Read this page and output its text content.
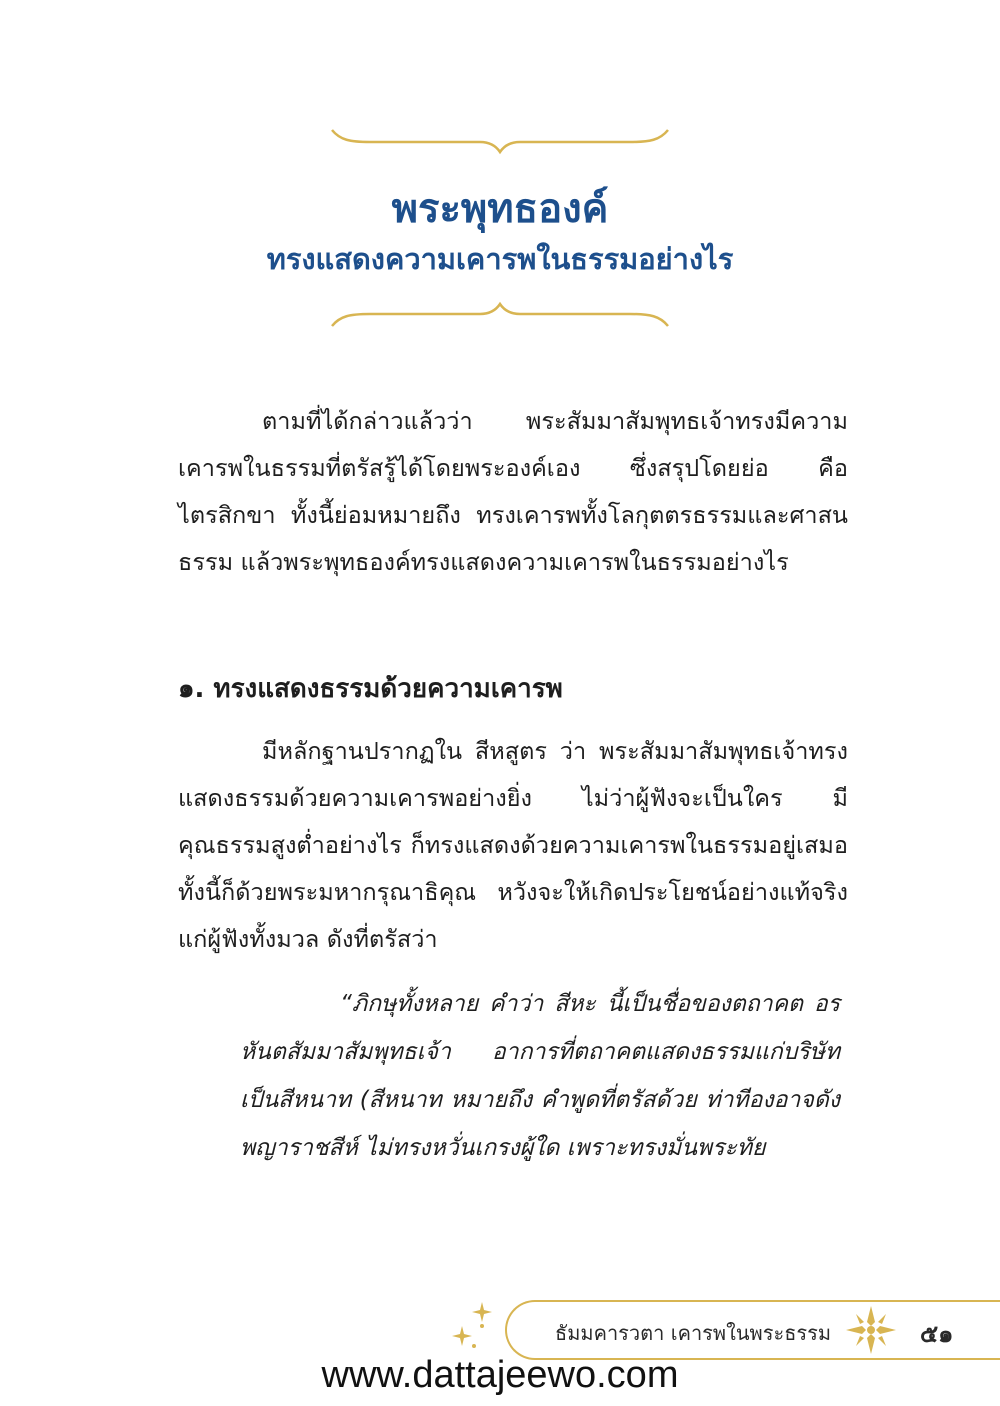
พระพุทธองค์
ทรงแสดงความเคารพในธรรมอย่างไร

ตามที่ได้กล่าวแล้วว่า พระสัมมาสัมพุทธเจ้าทรงมีความเคารพในธรรมที่ตรัสรู้ได้โดยพระองค์เอง ซึ่งสรุปโดยย่อ คือ ไตรสิกขา ทั้งนี้ย่อมหมายถึง ทรงเคารพทั้งโลกุตตรธรรมและศาสนธรรม แล้วพระพุทธองค์ทรงแสดงความเคารพในธรรมอย่างไร

๑. ทรงแสดงธรรมด้วยความเคารพ

มีหลักฐานปรากฏใน สีหสูตร ว่า พระสัมมาสัมพุทธเจ้าทรงแสดงธรรมด้วยความเคารพอย่างยิ่ง ไม่ว่าผู้ฟังจะเป็นใคร มีคุณธรรมสูงต่ำอย่างไร ก็ทรงแสดงด้วยความเคารพในธรรมอยู่เสมอ ทั้งนี้ก็ด้วยพระมหากรุณาธิคุณ หวังจะให้เกิดประโยชน์อย่างแท้จริงแก่ผู้ฟังทั้งมวล ดังที่ตรัสว่า

“ภิกษุทั้งหลาย คำว่า สีหะ นี้เป็นชื่อของตถาคต อรหันตสัมมาสัมพุทธเจ้า อาการที่ตถาคตแสดงธรรมแก่บริษัทเป็นสีหนาท (สีหนาท หมายถึง คำพูดที่ตรัสด้วย ท่าทีองอาจดังพญาราชสีห์ ไม่ทรงหวั่นเกรงผู้ใด เพราะทรงมั่นพระทัย

ธัมมคารวตา เคารพในพระธรรม	๕๑
www.dattajeewo.com
